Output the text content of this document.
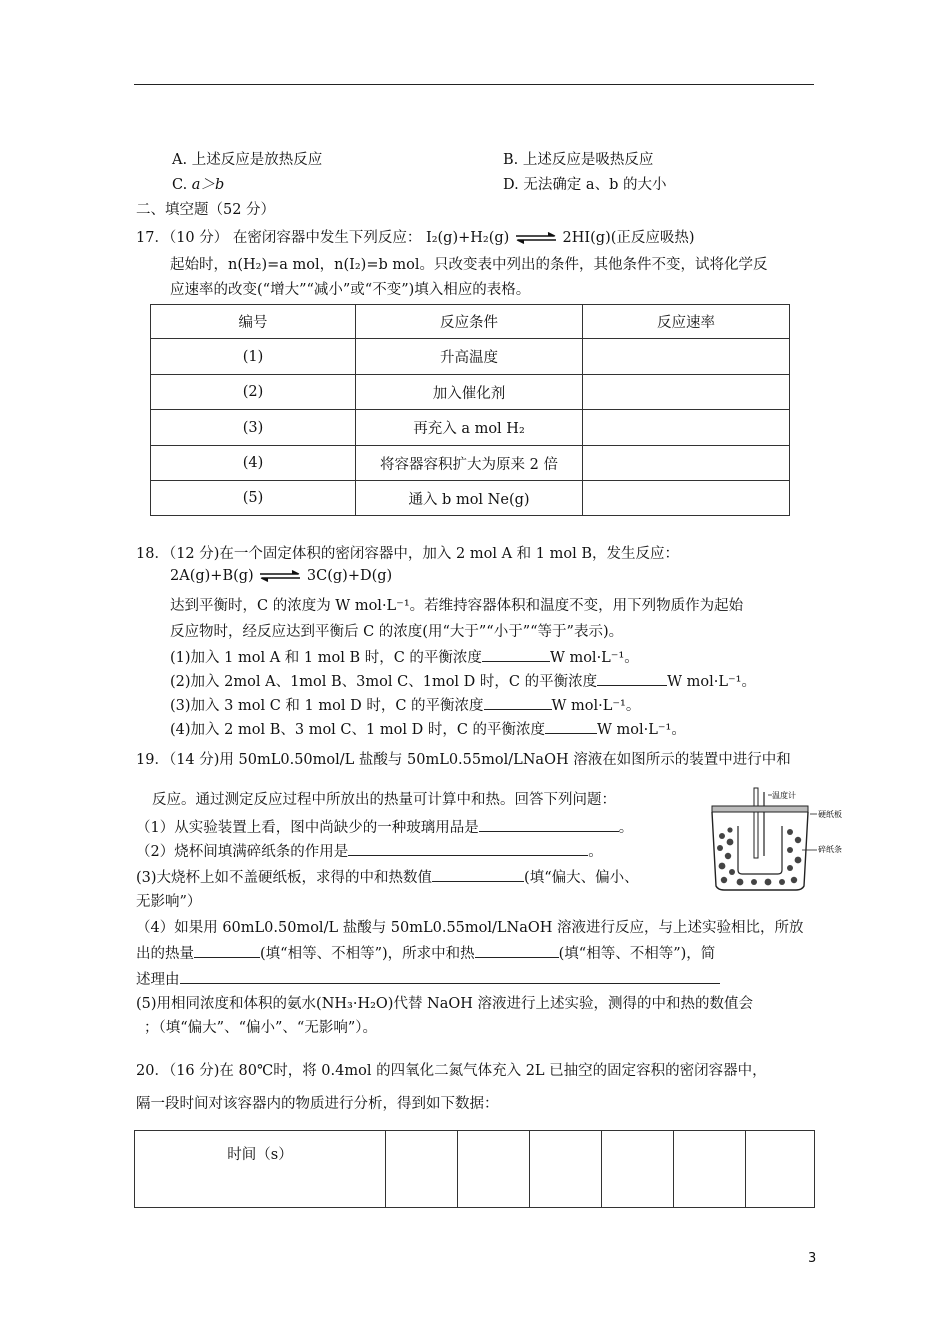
A. 上述反应是放热反应	B. 上述反应是吸热反应
C. a＞b	D. 无法确定 a、b 的大小
二、填空题（52 分）
17．（10 分） 在密闭容器中发生下列反应： I₂(g)+H₂(g) ⇌ 2HI(g)(正反应吸热)
起始时，n(H₂)=a mol，n(I₂)=b mol。只改变表中列出的条件，其他条件不变，试将化学反
应速率的改变(“增大”“减小”或“不变”)填入相应的表格。
编号	反应条件	反应速率
(1)	升高温度	
(2)	加入催化剂	
(3)	再充入 a mol H₂	
(4)	将容器容积扩大为原来 2 倍	
(5)	通入 b mol Ne(g)	
18．（12 分)在一个固定体积的密闭容器中，加入 2 mol A 和 1 mol B，发生反应：
2A(g)+B(g) ⇌ 3C(g)+D(g)
达到平衡时，C 的浓度为 W mol·L⁻¹。若维持容器体积和温度不变，用下列物质作为起始
反应物时，经反应达到平衡后 C 的浓度(用“大于”“小于”“等于”表示)。
(1)加入 1 mol A 和 1 mol B 时，C 的平衡浓度	W mol·L⁻¹。
(2)加入 2mol A、1mol B、3mol C、1mol D 时，C 的平衡浓度	W mol·L⁻¹。
(3)加入 3 mol C 和 1 mol D 时，C 的平衡浓度	W mol·L⁻¹。
(4)加入 2 mol B、3 mol C、1 mol D 时，C 的平衡浓度	W mol·L⁻¹。
19．（14 分)用 50mL0.50mol/L 盐酸与 50mL0.55mol/LNaOH 溶液在如图所示的装置中进行中和
反应。通过测定反应过程中所放出的热量可计算中和热。回答下列问题：
（1）从实验装置上看，图中尚缺少的一种玻璃用品是	。
（2）烧杯间填满碎纸条的作用是	。
(3)大烧杯上如不盖硬纸板，求得的中和热数值	(填“偏大、偏小、
无影响”）
（4）如果用 60mL0.50mol/L 盐酸与 50mL0.55mol/LNaOH 溶液进行反应，与上述实验相比，所放
出的热量	(填“相等、不相等”)，所求中和热	(填“相等、不相等”)，简
述理由
(5)用相同浓度和体积的氨水(NH₃·H₂O)代替 NaOH 溶液进行上述实验，测得的中和热的数值会
；（填“偏大”、“偏小”、“无影响”）。
温度计
硬纸板
碎纸条
20．（16 分)在 80℃时，将 0.4mol 的四氧化二氮气体充入 2L 已抽空的固定容积的密闭容器中，
隔一段时间对该容器内的物质进行分析，得到如下数据：
时间（s）						
3
